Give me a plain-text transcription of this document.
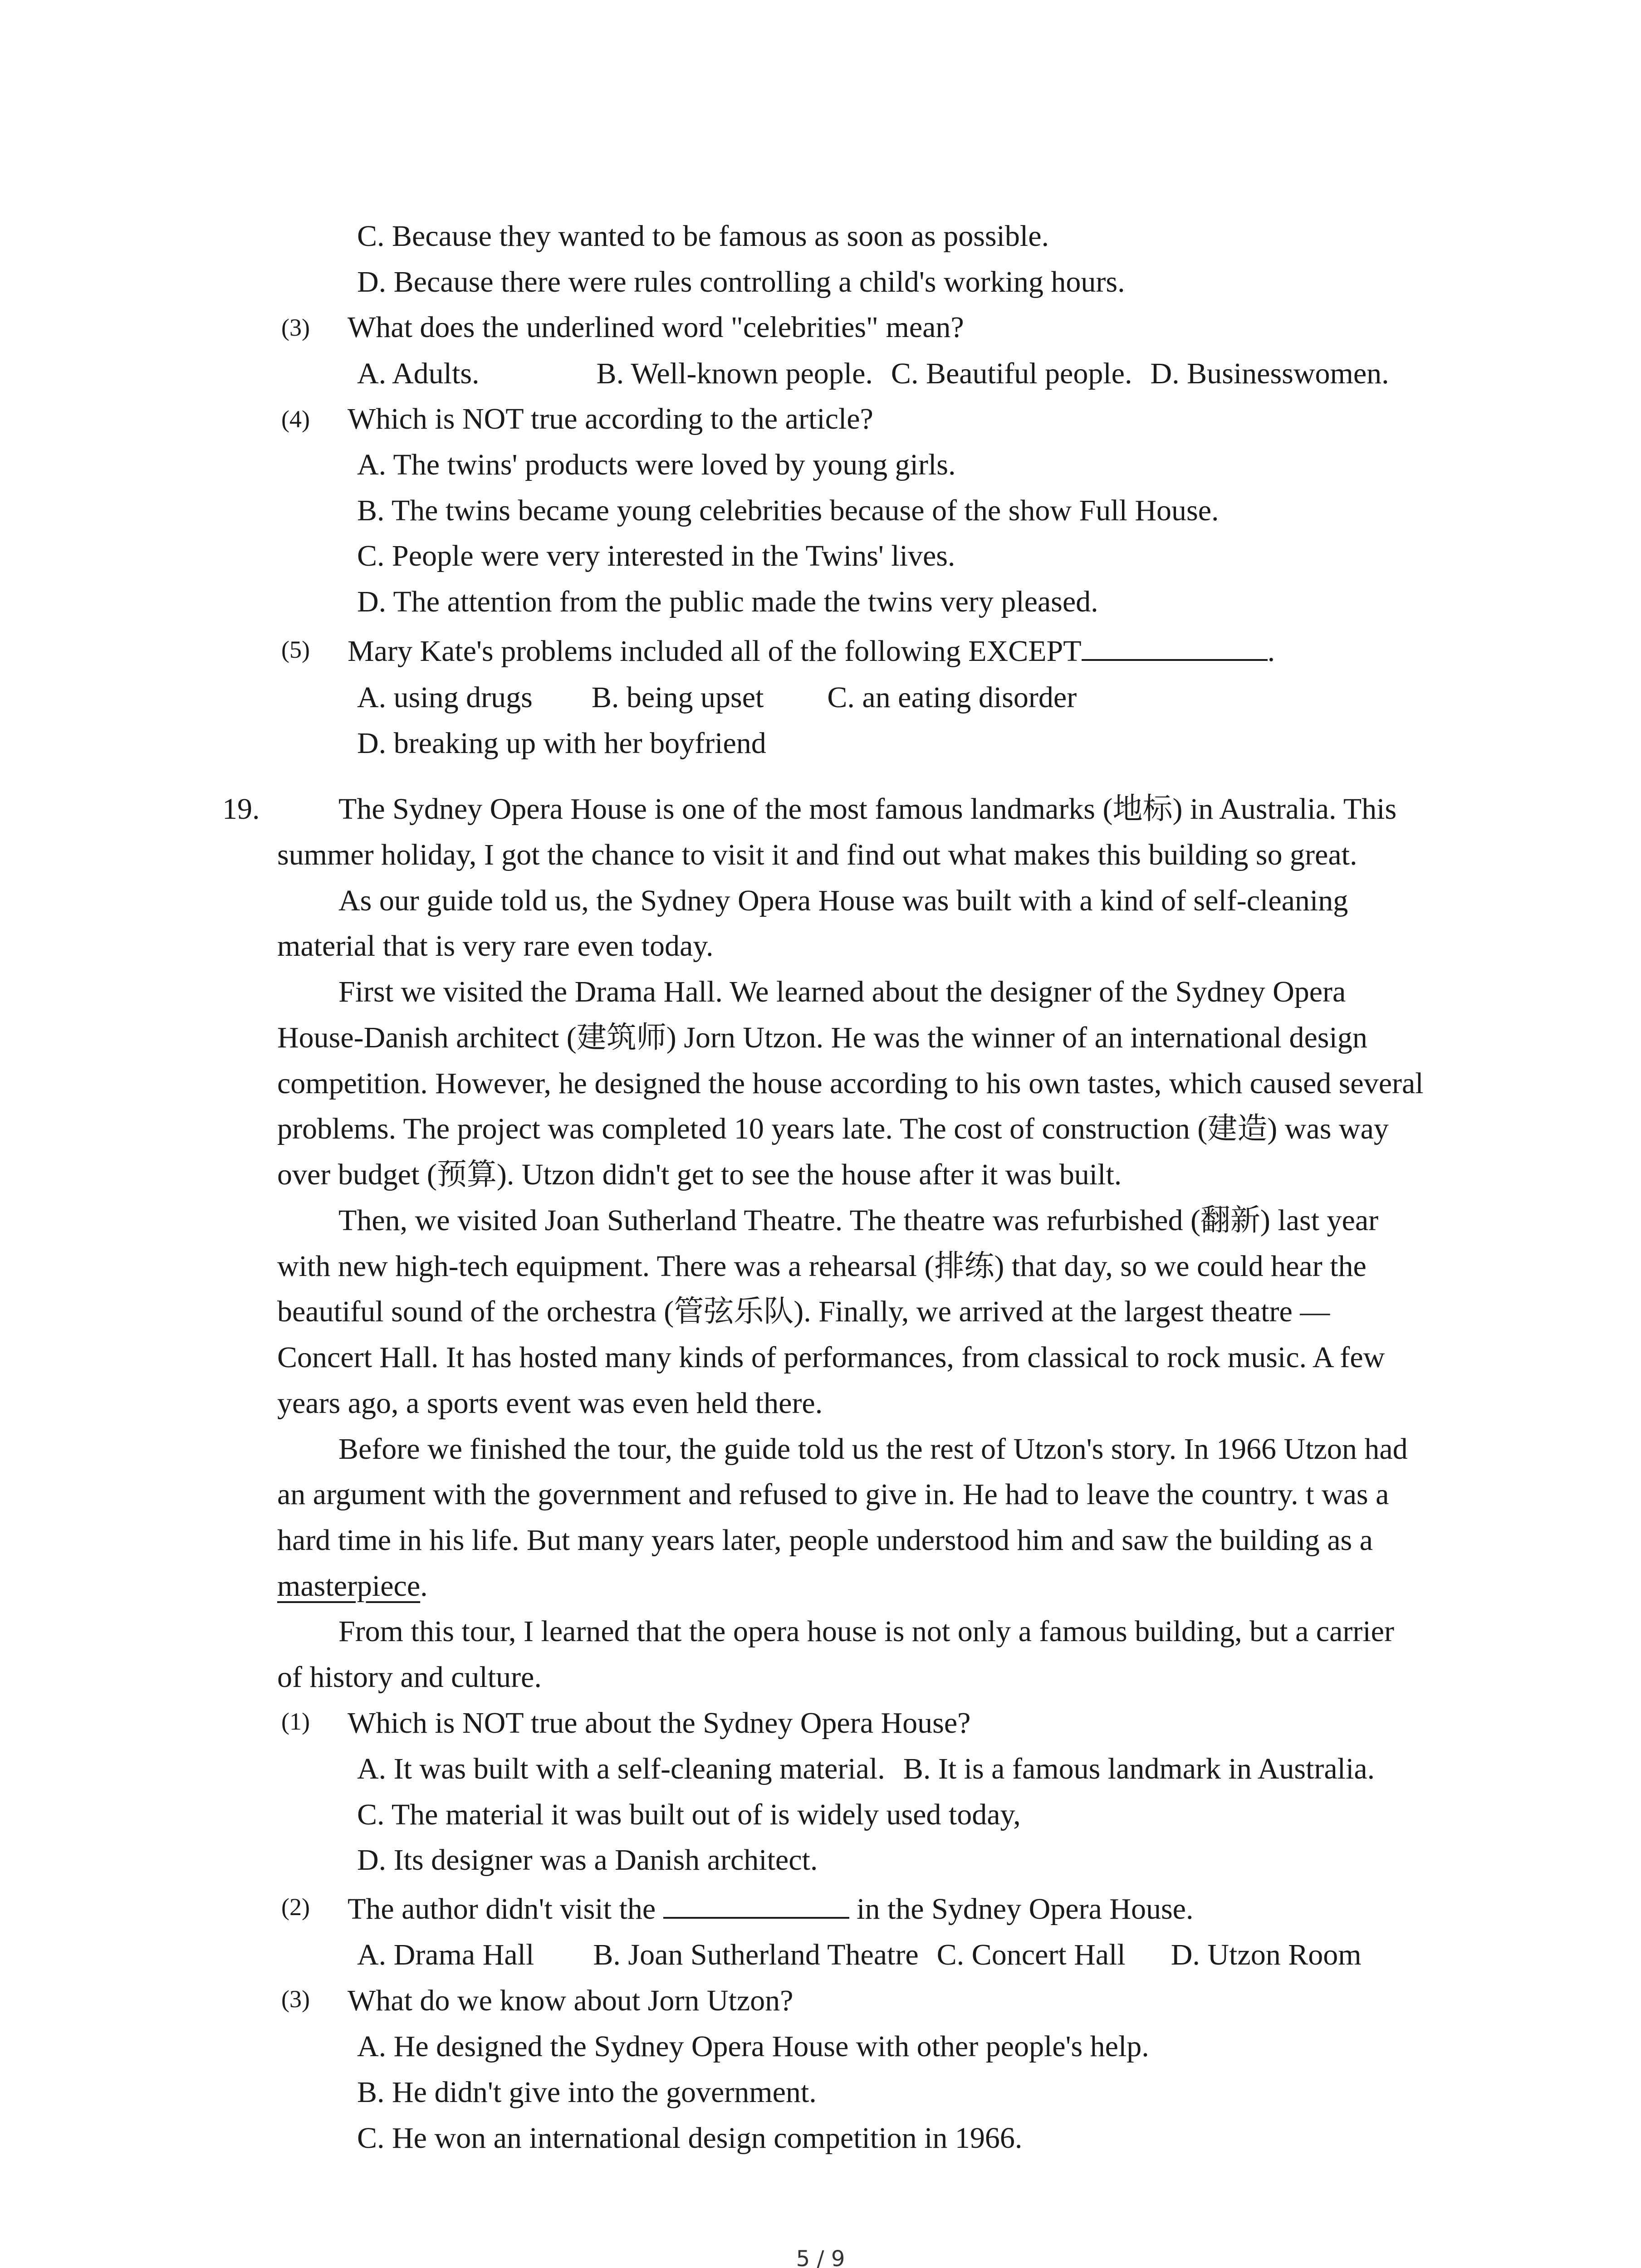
C. Because they wanted to be famous as soon as possible.
D. Because there were rules controlling a child's working hours.
(3) What does the underlined word "celebrities" mean?
A. Adults.	B. Well-known people. C. Beautiful people. D. Businesswomen.
(4) Which is NOT true according to the article?
A. The twins' products were loved by young girls.
B. The twins became young celebrities because of the show Full House.
C. People were very interested in the Twins' lives.
D. The attention from the public made the twins very pleased.
(5) Mary Kate's problems included all of the following EXCEPT	.
A. using drugs B. being upset C. an eating disorder
D. breaking up with her boyfriend
19.	The Sydney Opera House is one of the most famous landmarks (地标) in Australia. This
summer holiday, I got the chance to visit it and find out what makes this building so great.
As our guide told us, the Sydney Opera House was built with a kind of self-cleaning
material that is very rare even today.
First we visited the Drama Hall. We learned about the designer of the Sydney Opera
House-Danish architect (建筑师) Jorn Utzon. He was the winner of an international design
competition. However, he designed the house according to his own tastes, which caused several
problems. The project was completed 10 years late. The cost of construction (建造) was way
over budget (预算). Utzon didn't get to see the house after it was built.
Then, we visited Joan Sutherland Theatre. The theatre was refurbished (翻新) last year
with new high-tech equipment. There was a rehearsal (排练) that day, so we could hear the
beautiful sound of the orchestra (管弦乐队). Finally, we arrived at the largest theatre —
Concert Hall. It has hosted many kinds of performances, from classical to rock music. A few
years ago, a sports event was even held there.
Before we finished the tour, the guide told us the rest of Utzon's story. In 1966 Utzon had
an argument with the government and refused to give in. He had to leave the country. t was a
hard time in his life. But many years later, people understood him and saw the building as a
masterpiece.
From this tour, I learned that the opera house is not only a famous building, but a carrier
of history and culture.
(1) Which is NOT true about the Sydney Opera House?
A. It was built with a self-cleaning material. B. It is a famous landmark in Australia.
C. The material it was built out of is widely used today,
D. Its designer was a Danish architect.
(2) The author didn't visit the	in the Sydney Opera House.
A. Drama Hall B. Joan Sutherland Theatre C. Concert Hall D. Utzon Room
(3) What do we know about Jorn Utzon?
A. He designed the Sydney Opera House with other people's help.
B. He didn't give into the government.
C. He won an international design competition in 1966.
5 / 9
